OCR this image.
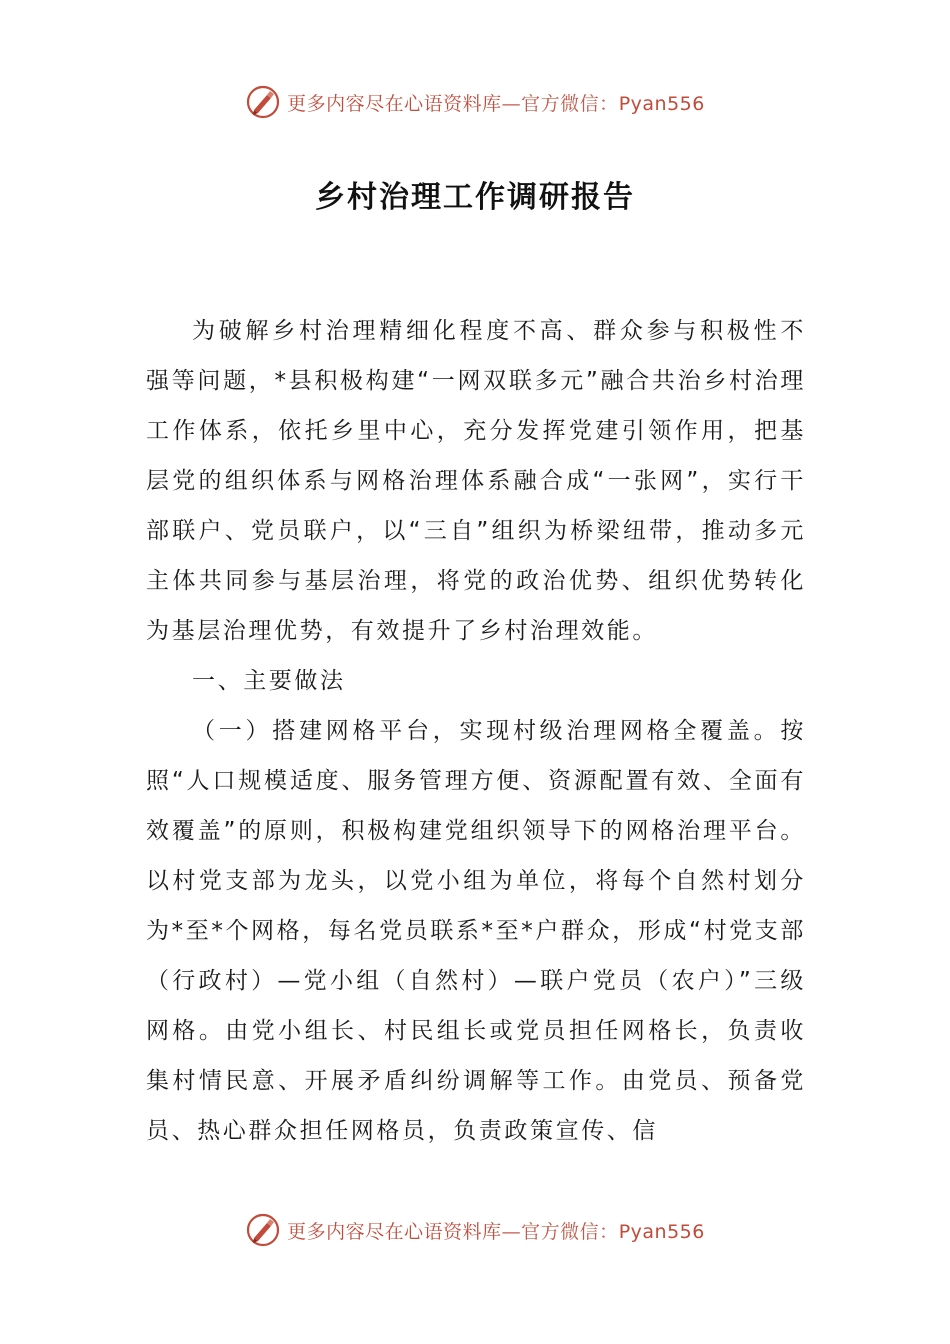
更多内容尽在心语资料库—官方微信：Pyan556
乡村治理工作调研报告

为破解乡村治理精细化程度不高、群众参与积极性不强等问题，*县积极构建“一网双联多元”融合共治乡村治理工作体系，依托乡里中心，充分发挥党建引领作用，把基层党的组织体系与网格治理体系融合成“一张网”，实行干部联户、党员联户，以“三自”组织为桥梁纽带，推动多元主体共同参与基层治理，将党的政治优势、组织优势转化为基层治理优势，有效提升了乡村治理效能。

一、主要做法

（一）搭建网格平台，实现村级治理网格全覆盖。按照“人口规模适度、服务管理方便、资源配置有效、全面有效覆盖”的原则，积极构建党组织领导下的网格治理平台。以村党支部为龙头，以党小组为单位，将每个自然村划分为*至*个网格，每名党员联系*至*户群众，形成“村党支部（行政村）—党小组（自然村）—联户党员（农户）”三级网格。由党小组长、村民组长或党员担任网格长，负责收集村情民意、开展矛盾纠纷调解等工作。由党员、预备党员、热心群众担任网格员，负责政策宣传、信

更多内容尽在心语资料库—官方微信：Pyan556
